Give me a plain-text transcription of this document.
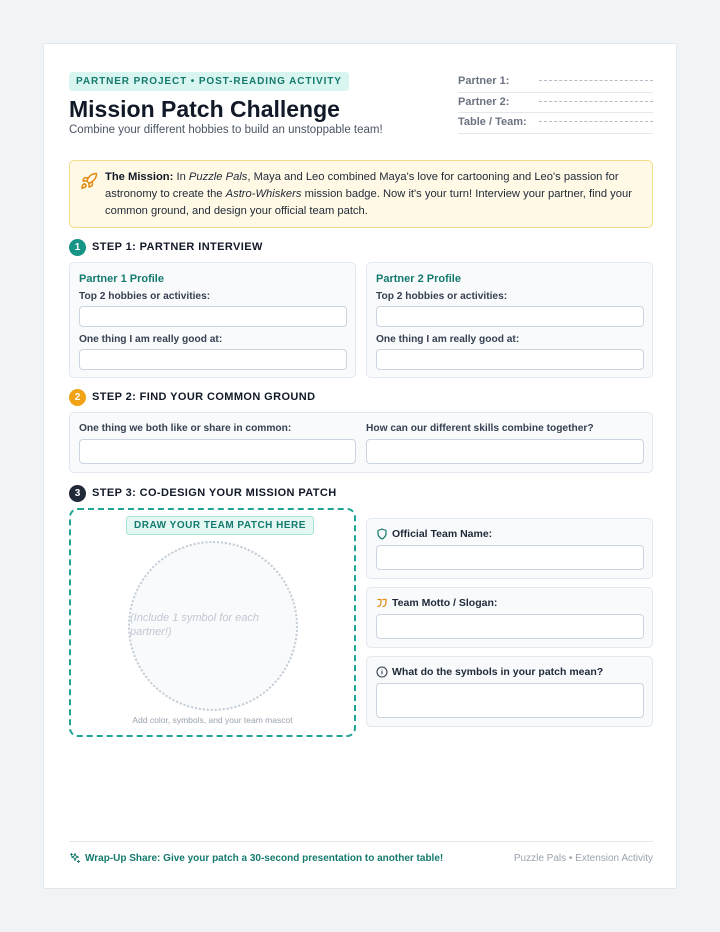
PARTNER PROJECT • POST-READING ACTIVITY
Mission Patch Challenge
Combine your different hobbies to build an unstoppable team!
Partner 1:
Partner 2:
Table / Team:

The Mission: In Puzzle Pals, Maya and Leo combined Maya's love for cartooning and Leo's passion for astronomy to create the Astro-Whiskers mission badge. Now it's your turn! Interview your partner, find your common ground, and design your official team patch.

1	STEP 1: PARTNER INTERVIEW
Partner 1 Profile
Top 2 hobbies or activities:
One thing I am really good at:
Partner 2 Profile
Top 2 hobbies or activities:
One thing I am really good at:
2	STEP 2: FIND YOUR COMMON GROUND
One thing we both like or share in common:	How can our different skills combine together?
3	STEP 3: CO-DESIGN YOUR MISSION PATCH
DRAW YOUR TEAM PATCH HERE
(Include 1 symbol for each partner!)
Add color, symbols, and your team mascot
Official Team Name:
Team Motto / Slogan:
What do the symbols in your patch mean?
Wrap-Up Share: Give your patch a 30-second presentation to another table!	Puzzle Pals • Extension Activity
